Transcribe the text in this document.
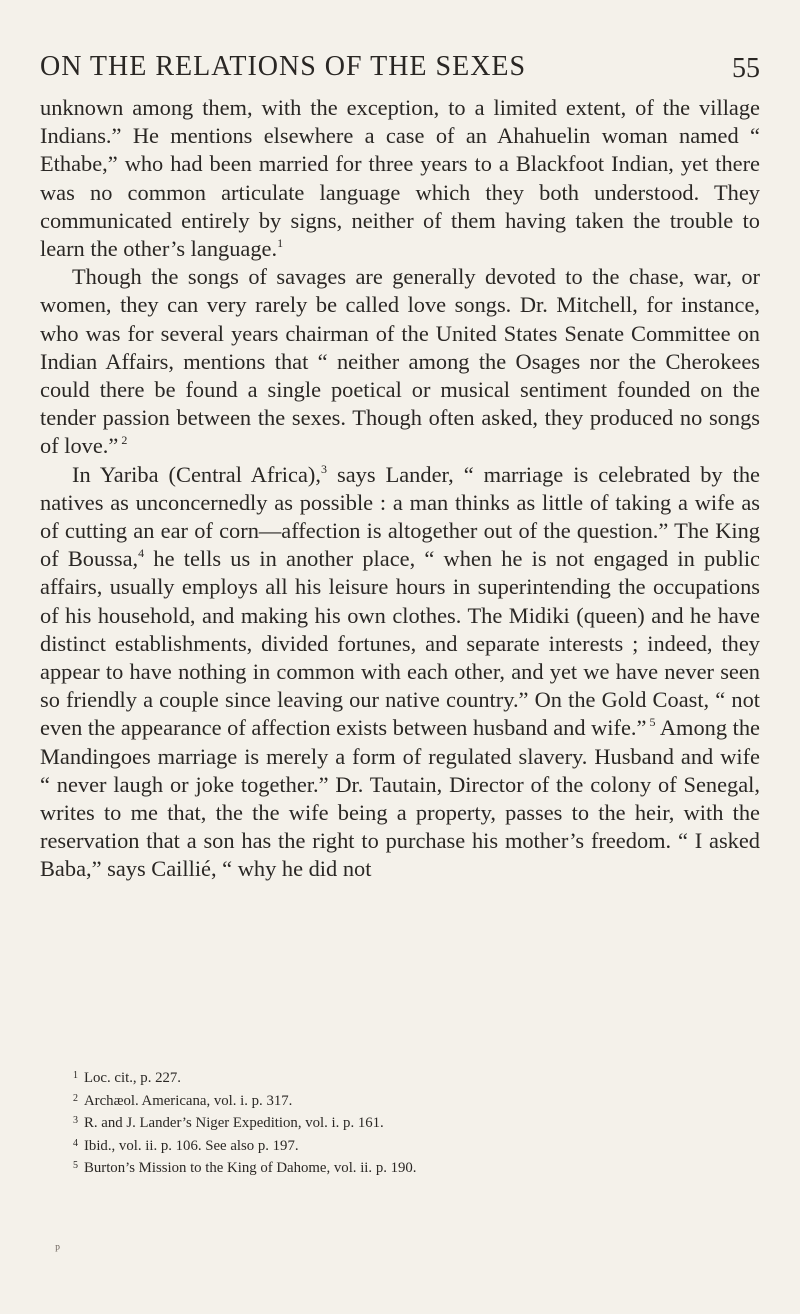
ON THE RELATIONS OF THE SEXES	55

unknown among them, with the exception, to a limited extent, of the village Indians.” He mentions elsewhere a case of an Ahahuelin woman named “ Ethabe,” who had been married for three years to a Blackfoot Indian, yet there was no common articulate language which they both understood. They communicated entirely by signs, neither of them having taken the trouble to learn the other’s language.$^1$

Though the songs of savages are generally devoted to the chase, war, or women, they can very rarely be called love songs. Dr. Mitchell, for instance, who was for several years chairman of the United States Senate Committee on Indian Affairs, mentions that “ neither among the Osages nor the Cherokees could there be found a single poetical or musical sentiment founded on the tender passion between the sexes. Though often asked, they produced no songs of love.” $^2$

In Yariba (Central Africa),$^3$ says Lander, “ marriage is celebrated by the natives as unconcernedly as possible : a man thinks as little of taking a wife as of cutting an ear of corn—affection is altogether out of the question.” The King of Boussa,$^4$ he tells us in another place, “ when he is not engaged in public affairs, usually employs all his leisure hours in superintending the occupations of his household, and making his own clothes. The Midiki (queen) and he have distinct establishments, divided fortunes, and separate interests ; indeed, they appear to have nothing in common with each other, and yet we have never seen so friendly a couple since leaving our native country.” On the Gold Coast, “ not even the appearance of affection exists between husband and wife.” $^5$ Among the Mandingoes marriage is merely a form of regulated slavery. Husband and wife “ never laugh or joke together.” Dr. Tautain, Director of the colony of Senegal, writes to me that, the the wife being a property, passes to the heir, with the reservation that a son has the right to purchase his mother’s freedom. “ I asked Baba,” says Caillié, “ why he did not

$^1$ Loc. cit., p. 227.

$^2$ Archæol. Americana, vol. i. p. 317.

$^3$ R. and J. Lander’s Niger Expedition, vol. i. p. 161.

$^4$ Ibid., vol. ii. p. 106. See also p. 197.

$^5$ Burton’s Mission to the King of Dahome, vol. ii. p. 190.

ᵖ
